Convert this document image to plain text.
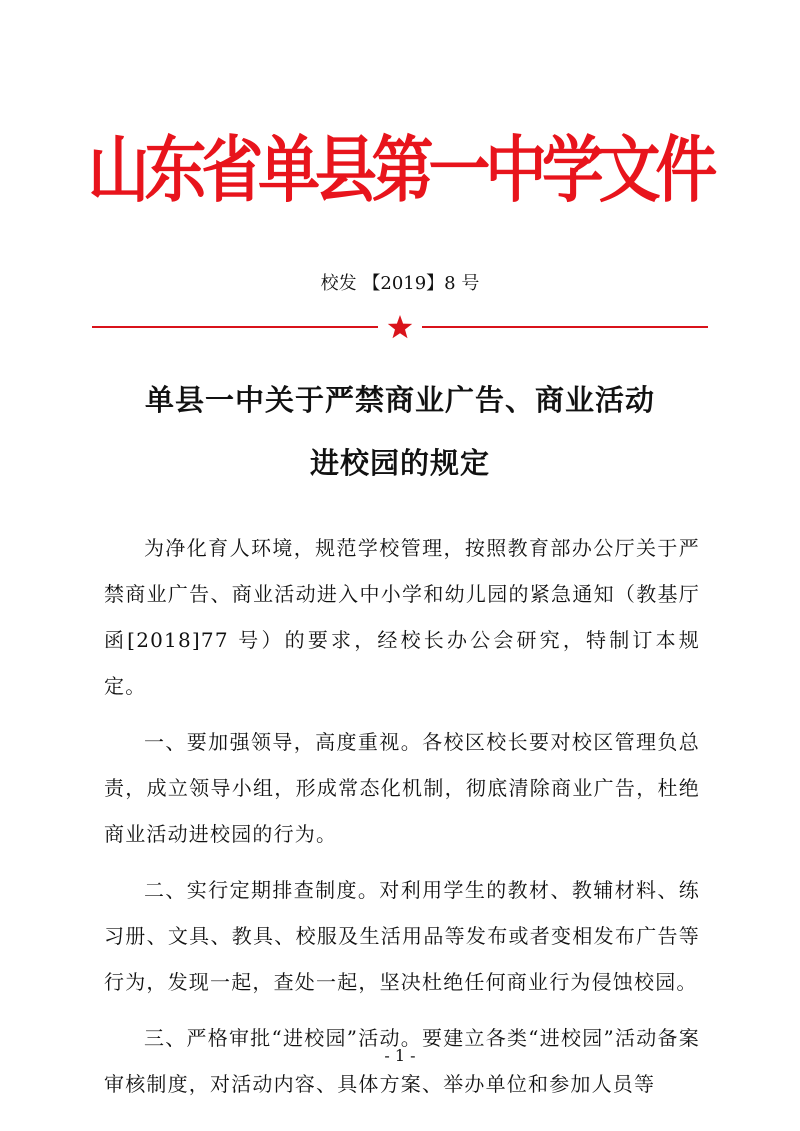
山东省单县第一中学文件
校发 【2019】8 号
单县一中关于严禁商业广告、商业活动
进校园的规定

为净化育人环境，规范学校管理，按照教育部办公厅关于严禁商业广告、商业活动进入中小学和幼儿园的紧急通知（教基厅函[2018]77 号）的要求，经校长办公会研究，特制订本规定。

一、要加强领导，高度重视。各校区校长要对校区管理负总责，成立领导小组，形成常态化机制，彻底清除商业广告，杜绝商业活动进校园的行为。

二、实行定期排查制度。对利用学生的教材、教辅材料、练习册、文具、教具、校服及生活用品等发布或者变相发布广告等行为，发现一起，查处一起，坚决杜绝任何商业行为侵蚀校园。

三、严格审批“进校园”活动。要建立各类“进校园”活动备案审核制度，对活动内容、具体方案、举办单位和参加人员等

- 1 -
